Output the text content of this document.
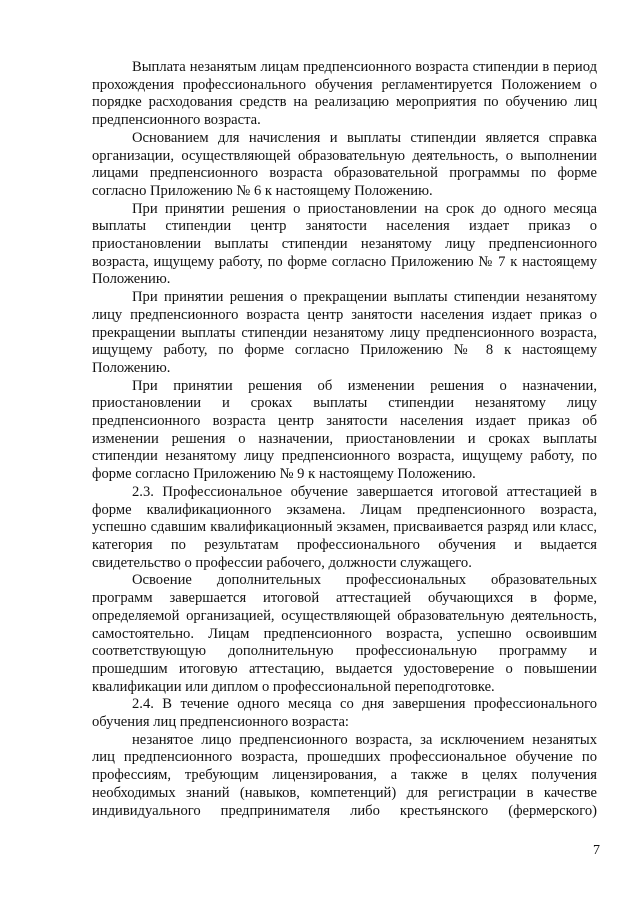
Выплата незанятым лицам предпенсионного возраста стипендии в период прохождения профессионального обучения регламентируется Положением о порядке расходования средств на реализацию мероприятия по обучению лиц предпенсионного возраста.

Основанием для начисления и выплаты стипендии является справка организации, осуществляющей образовательную деятельность, о выполнении лицами предпенсионного возраста образовательной программы по форме согласно Приложению № 6 к настоящему Положению.

При принятии решения о приостановлении на срок до одного месяца выплаты стипендии центр занятости населения издает приказ о приостановлении выплаты стипендии незанятому лицу предпенсионного возраста, ищущему работу, по форме согласно Приложению № 7 к настоящему Положению.

При принятии решения о прекращении выплаты стипендии незанятому лицу предпенсионного возраста центр занятости населения издает приказ о прекращении выплаты стипендии незанятому лицу предпенсионного возраста, ищущему работу, по форме согласно Приложению № 8 к настоящему Положению.

При принятии решения об изменении решения о назначении, приостановлении и сроках выплаты стипендии незанятому лицу предпенсионного возраста центр занятости населения издает приказ об изменении решения о назначении, приостановлении и сроках выплаты стипендии незанятому лицу предпенсионного возраста, ищущему работу, по форме согласно Приложению № 9 к настоящему Положению.

2.3. Профессиональное обучение завершается итоговой аттестацией в форме квалификационного экзамена. Лицам предпенсионного возраста, успешно сдавшим квалификационный экзамен, присваивается разряд или класс, категория по результатам профессионального обучения и выдается свидетельство о профессии рабочего, должности служащего.

Освоение дополнительных профессиональных образовательных программ завершается итоговой аттестацией обучающихся в форме, определяемой организацией, осуществляющей образовательную деятельность, самостоятельно. Лицам предпенсионного возраста, успешно освоившим соответствующую дополнительную профессиональную программу и прошедшим итоговую аттестацию, выдается удостоверение о повышении квалификации или диплом о профессиональной переподготовке.

2.4. В течение одного месяца со дня завершения профессионального обучения лиц предпенсионного возраста:

незанятое лицо предпенсионного возраста, за исключением незанятых лиц предпенсионного возраста, прошедших профессиональное обучение по профессиям, требующим лицензирования, а также в целях получения необходимых знаний (навыков, компетенций) для регистрации в качестве индивидуального предпринимателя либо крестьянского (фермерского)

7
